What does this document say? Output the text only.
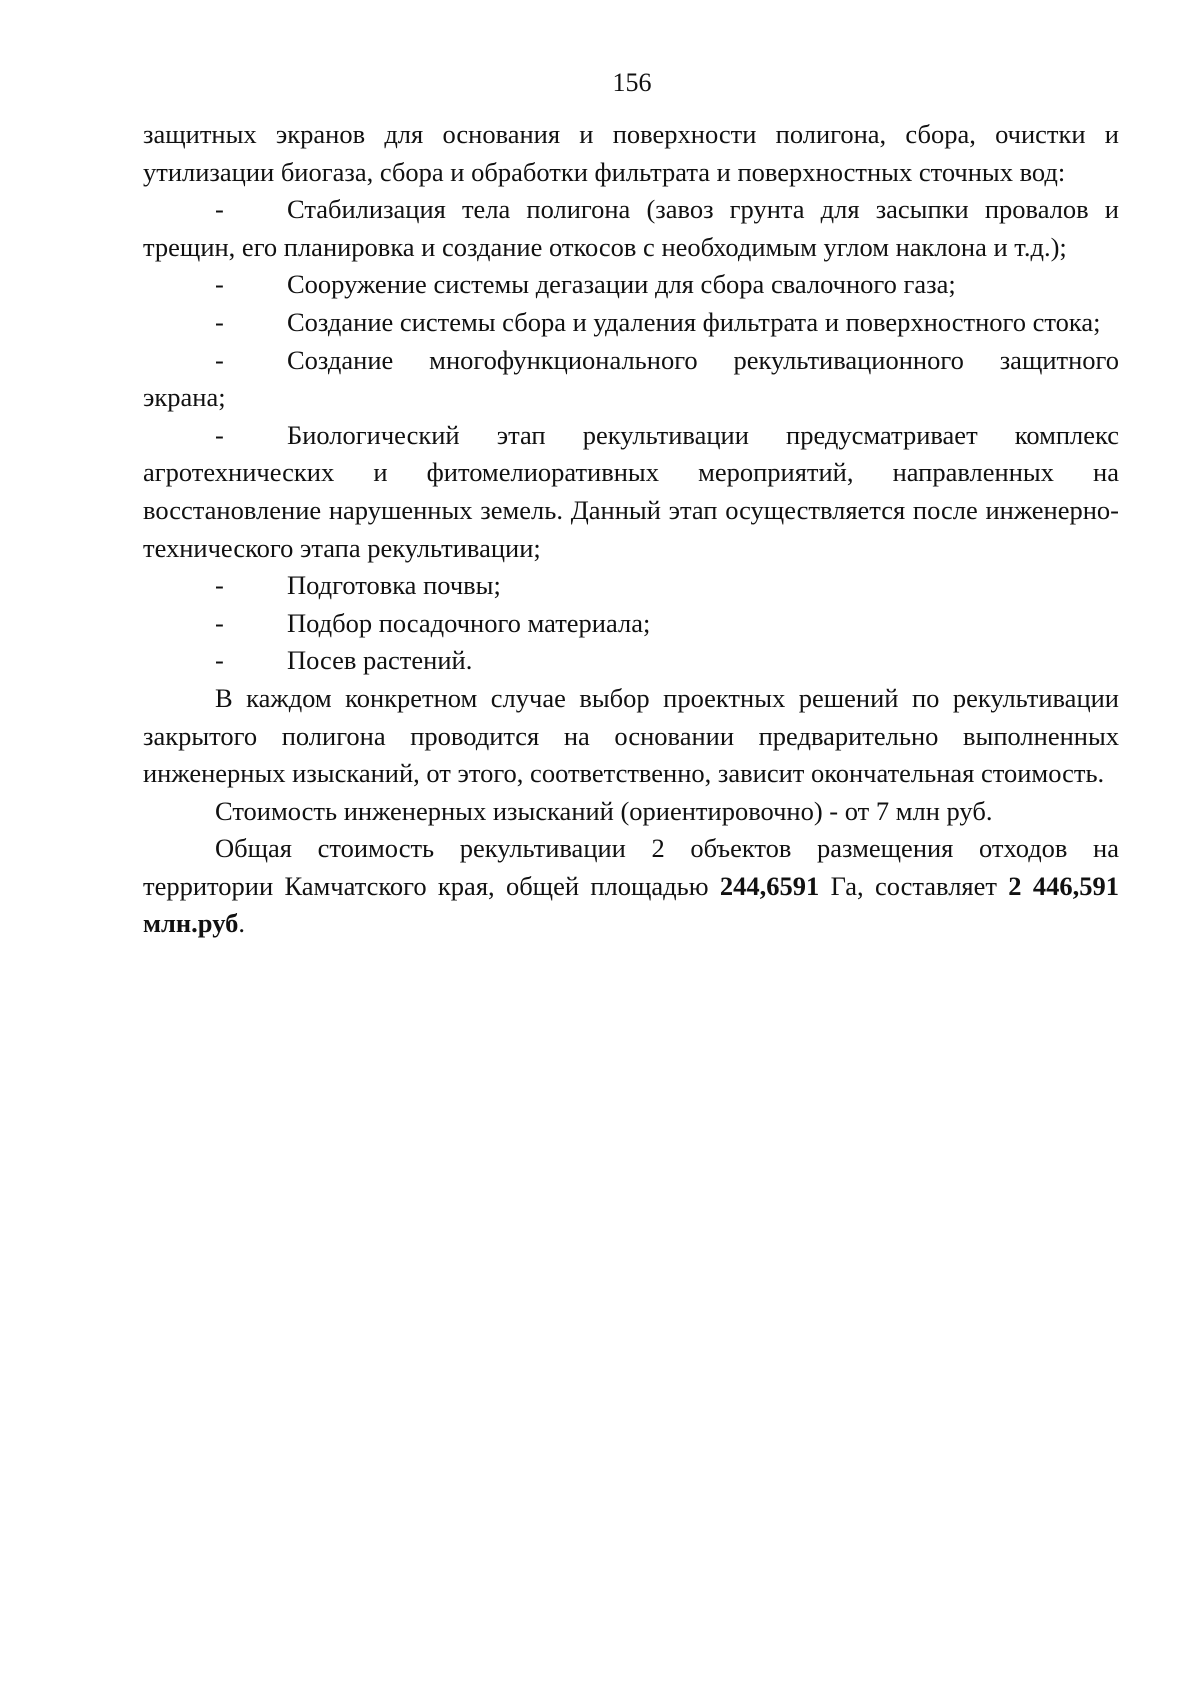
156

защитных экранов для основания и поверхности полигона, сбора, очистки и утилизации биогаза, сбора и обработки фильтрата и поверхностных сточных вод:

- Стабилизация тела полигона (завоз грунта для засыпки провалов и трещин, его планировка и создание откосов с необходимым углом наклона и т.д.);

- Сооружение системы дегазации для сбора свалочного газа;

- Создание системы сбора и удаления фильтрата и поверхностного стока;

- Создание многофункционального рекультивационного защитного экрана;

- Биологический этап рекультивации предусматривает комплекс агротехнических и фитомелиоративных мероприятий, направленных на восстановление нарушенных земель. Данный этап осуществляется после инженерно-технического этапа рекультивации;

- Подготовка почвы;

- Подбор посадочного материала;

- Посев растений.

В каждом конкретном случае выбор проектных решений по рекультивации закрытого полигона проводится на основании предварительно выполненных инженерных изысканий, от этого, соответственно, зависит окончательная стоимость.

Стоимость инженерных изысканий (ориентировочно) - от 7 млн руб.

Общая стоимость рекультивации 2 объектов размещения отходов на территории Камчатского края, общей площадью 244,6591 Га, составляет 2 446,591 млн.руб.
